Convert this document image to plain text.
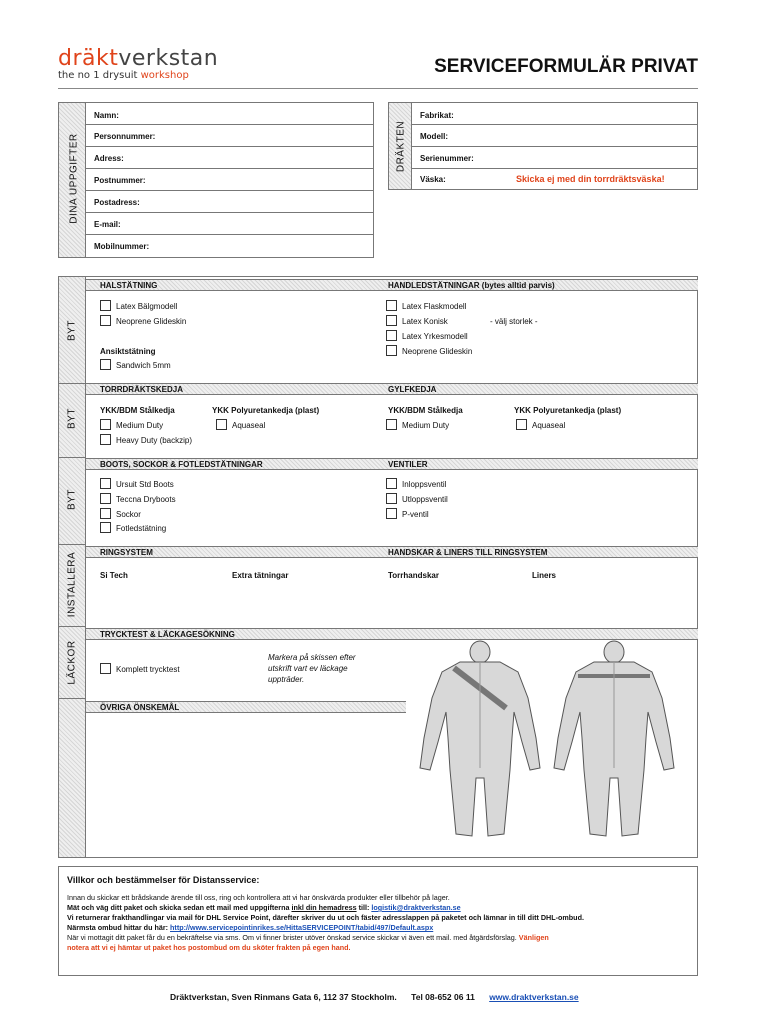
dräktverkstan
the no 1 drysuit workshop	SERVICEFORMULÄR PRIVAT
DINA UPPGIFTER
Namn:
Personnummer:
Adress:
Postnummer:
Postadress:
E-mail:
Mobilnummer:
DRÄKTEN
Fabrikat:
Modell:
Serienummer:
Väska:	Skicka ej med din torrdräktsväska!
BYT
BYT
BYT
INSTALLERA
LÄCKOR
HALSTÄTNING	HANDLEDSTÄTNINGAR (bytes alltid parvis)
Latex Bälgmodell
Neoprene Glideskin
Ansiktstätning
Sandwich 5mm
Latex Flaskmodell
Latex Konisk	- välj storlek -
Latex Yrkesmodell
Neoprene Glideskin
TORRDRÄKTSKEDJA	GYLFKEDJA
YKK/BDM Stålkedja	YKK Polyuretankedja (plast)	YKK/BDM Stålkedja	YKK Polyuretankedja (plast)
Medium Duty
Heavy Duty (backzip)
Aquaseal	Medium Duty	Aquaseal
BOOTS, SOCKOR & FOTLEDSTÄTNINGAR	VENTILER
Ursuit Std Boots
Teccna Dryboots
Sockor
Fotledstätning
Inloppsventil
Utloppsventil
P-ventil
RINGSYSTEM	HANDSKAR & LINERS TILL RINGSYSTEM
Si Tech	Extra tätningar	Torrhandskar	Liners
TRYCKTEST & LÄCKAGESÖKNING
Komplett trycktest
Markera på skissen efter utskrift vart ev läckage uppträder.
ÖVRIGA ÖNSKEMÅL
Villkor och bestämmelser för Distansservice:
Innan du skickar ett brådskande ärende till oss, ring och kontrollera att vi har önskvärda produkter eller tillbehör på lager.
Mät och väg ditt paket och skicka sedan ett mail med uppgifterna inkl din hemadress till: logistik@draktverkstan.se
Vi returnerar frakthandlingar via mail för DHL Service Point, därefter skriver du ut och fäster adresslappen på paketet och lämnar in till ditt DHL-ombud.
Närmsta ombud hittar du här: http://www.servicepointinrikes.se/HittaSERVICEPOINT/tabid/497/Default.aspx
När vi mottagit ditt paket får du en bekräftelse via sms. Om vi finner brister utöver önskad service skickar vi även ett mail. med åtgärdsförslag. Vänligen
notera att vi ej hämtar ut paket hos postombud om du sköter frakten på egen hand.
Dräktverkstan, Sven Rinmans Gata 6, 112 37 Stockholm. Tel 08-652 06 11 www.draktverkstan.se
